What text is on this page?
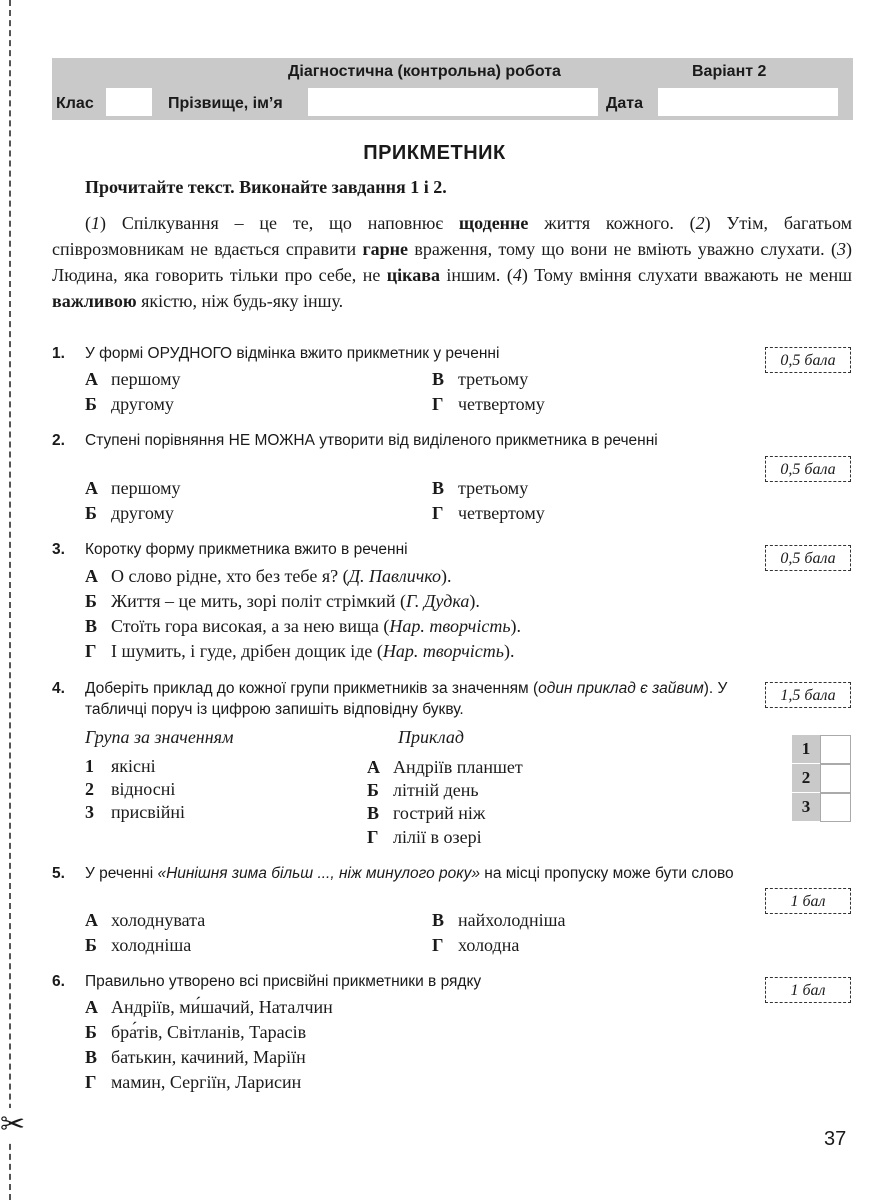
✂
Діагностична (контрольна) робота	Варіант 2
Клас	Прізвище, ім’я	Дата
ПРИКМЕТНИК
Прочитайте текст. Виконайте завдання 1 і 2.
(1) Спілкування – це те, що наповнює щоденне життя кожного. (2) Утім, багатьом співрозмовникам не вдається справити гарне враження, тому що вони не вміють уважно слухати. (3) Людина, яка говорить тільки про себе, не цікава іншим. (4) Тому вміння слухати вважають не менш важливою якістю, ніж будь-яку іншу.
1. У формі ОРУДНОГО відмінка вжито прикметник у реченні	0,5 бала
А першому
Б другому
В третьому
Г четвертому
2. Ступені порівняння НЕ МОЖНА утворити від виділеного прикметника в реченні
0,5 бала
А першому
Б другому
В третьому
Г четвертому
3. Коротку форму прикметника вжито в реченні
0,5 бала
А О слово рідне, хто без тебе я? (Д. Павличко).
Б Життя – це мить, зорі політ стрімкий (Г. Дудка).
В Стоїть гора високая, а за нею вища (Нар. творчість).
Г І шумить, і гуде, дрібен дощик іде (Нар. творчість).
4. Доберіть приклад до кожної групи прикметників за значенням (один приклад є зайвим). У табличці поруч із цифрою запишіть відповідну букву.
1,5 бала
Група за значенням	Приклад
1 якісні
2 відносні
3 присвійні
А Андріїв планшет
Б літній день
В гострий ніж
Г лілії в озері
1
2
3
5. У реченні «Нинішня зима більш ..., ніж минулого року» на місці пропуску може бути слово
1 бал
А холоднувата
Б холодніша
В найхолодніша
Г холодна
6. Правильно утворено всі присвійні прикметники в рядку
1 бал
А Андріїв, ми́шачий, Наталчин
Б бра́тів, Світланів, Тарасів
В батькин, качиний, Маріїн
Г мамин, Сергіїн, Ларисин
37
